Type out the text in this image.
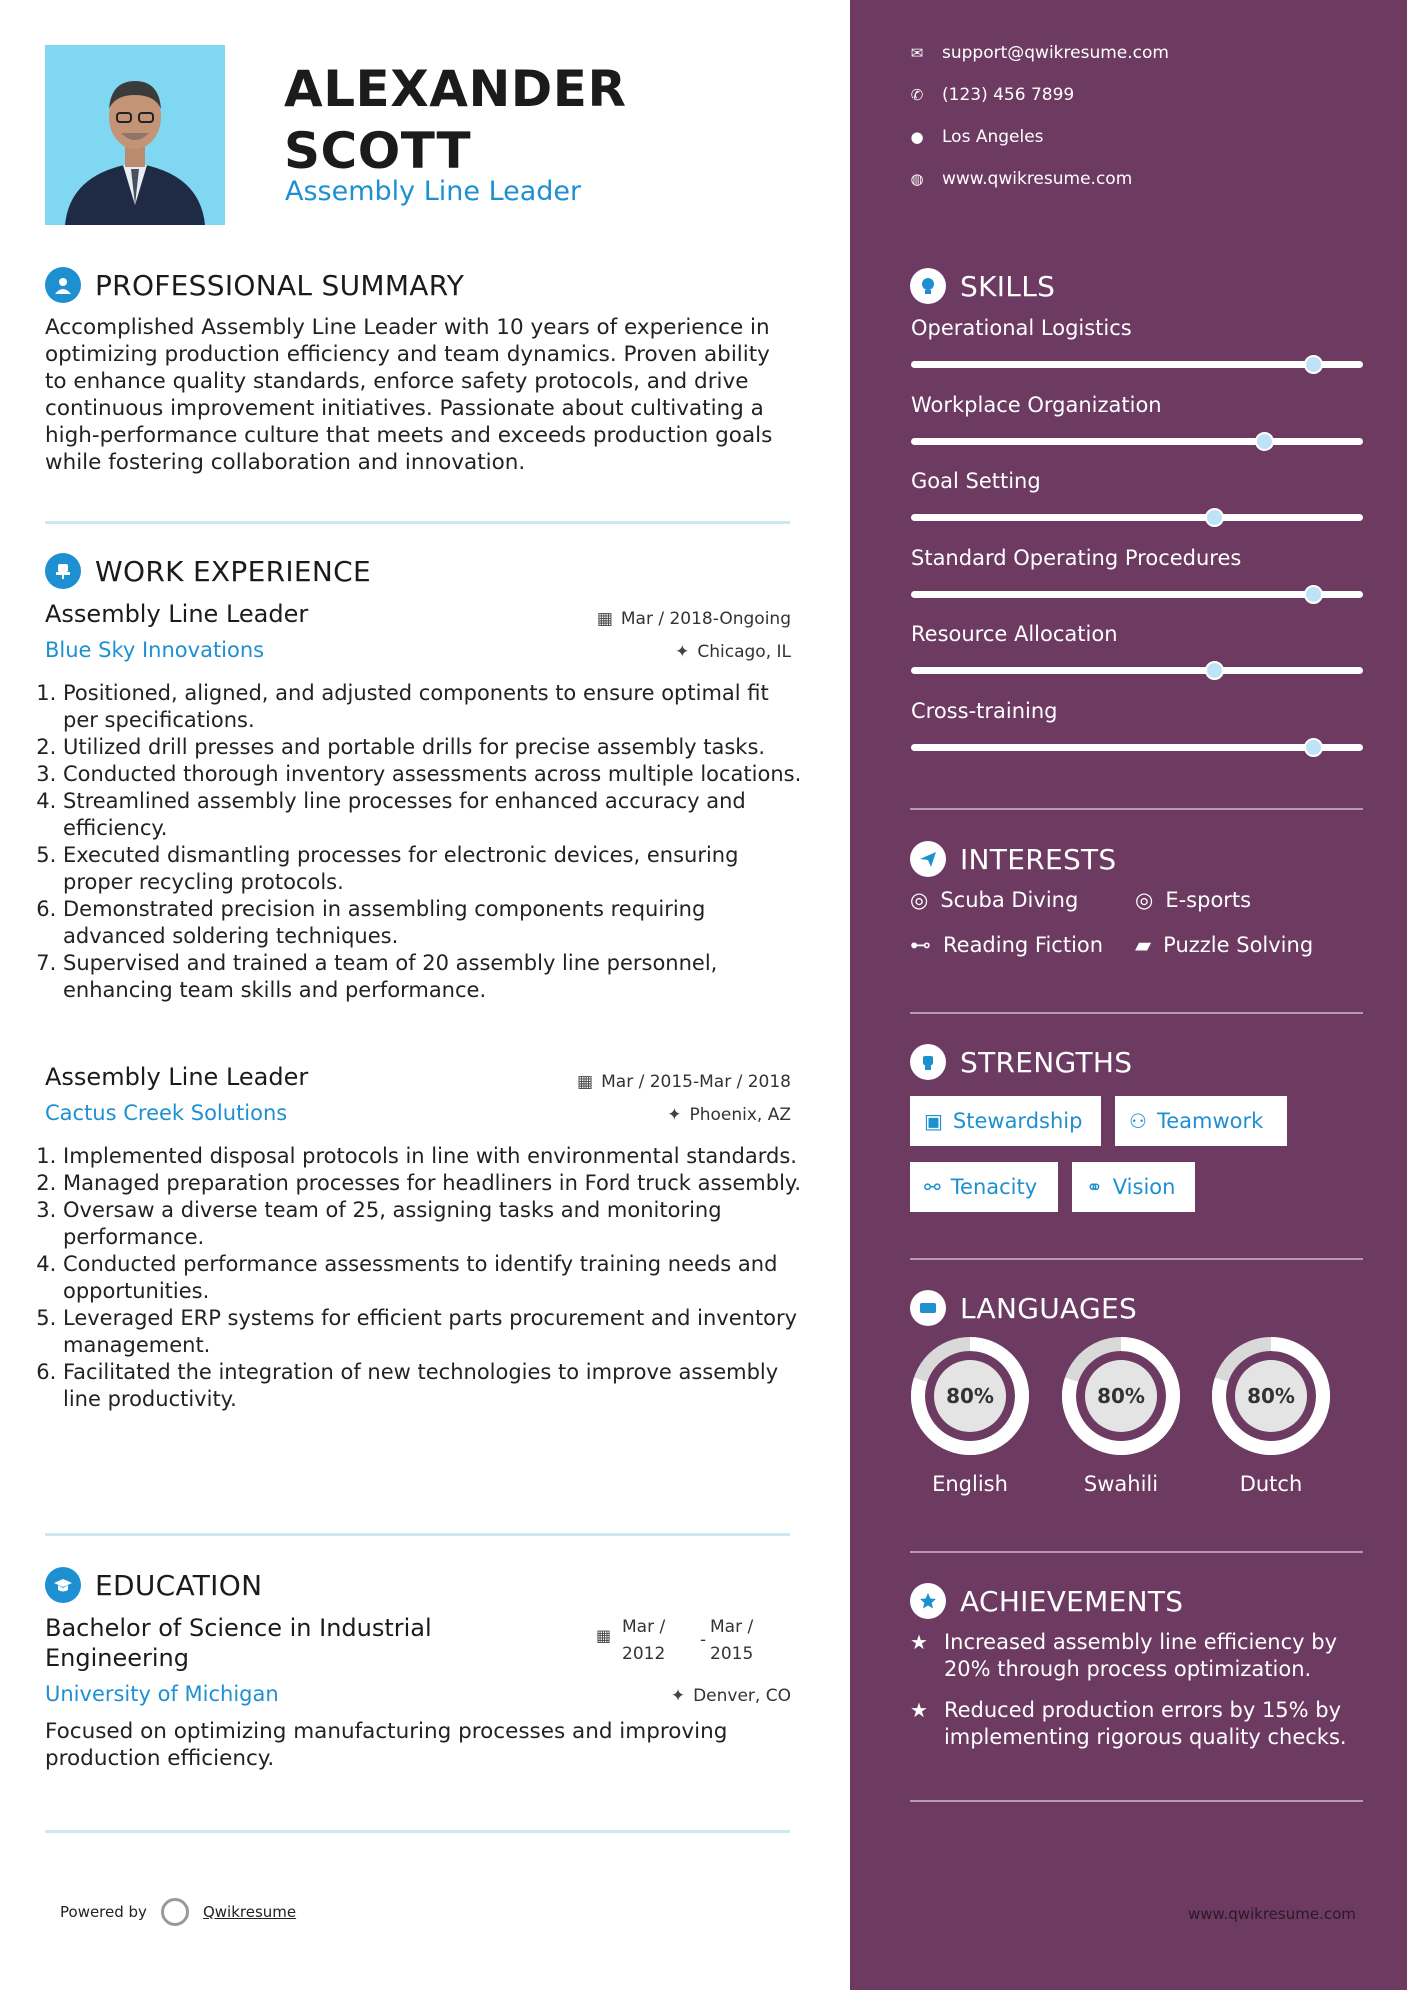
ALEXANDER
SCOTT
Assembly Line Leader
PROFESSIONAL SUMMARY
Accomplished Assembly Line Leader with 10 years of experience in optimizing production efficiency and team dynamics. Proven ability to enhance quality standards, enforce safety protocols, and drive continuous improvement initiatives. Passionate about cultivating a high-performance culture that meets and exceeds production goals while fostering collaboration and innovation.
WORK EXPERIENCE
Assembly Line Leader	▦ Mar / 2018-Ongoing
Blue Sky Innovations	✦ Chicago, IL
1. Positioned, aligned, and adjusted components to ensure optimal fit per specifications.
2. Utilized drill presses and portable drills for precise assembly tasks.
3. Conducted thorough inventory assessments across multiple locations.
4. Streamlined assembly line processes for enhanced accuracy and efficiency.
5. Executed dismantling processes for electronic devices, ensuring proper recycling protocols.
6. Demonstrated precision in assembling components requiring advanced soldering techniques.
7. Supervised and trained a team of 20 assembly line personnel, enhancing team skills and performance.
Assembly Line Leader	▦ Mar / 2015-Mar / 2018
Cactus Creek Solutions	✦ Phoenix, AZ
1. Implemented disposal protocols in line with environmental standards.
2. Managed preparation processes for headliners in Ford truck assembly.
3. Oversaw a diverse team of 25, assigning tasks and monitoring performance.
4. Conducted performance assessments to identify training needs and opportunities.
5. Leveraged ERP systems for efficient parts procurement and inventory management.
6. Facilitated the integration of new technologies to improve assembly line productivity.
EDUCATION
Bachelor of Science in Industrial Engineering
▦ Mar / 2012
-
Mar / 2015
University of Michigan	✦ Denver, CO
Focused on optimizing manufacturing processes and improving production efficiency.
Powered by	Qwikresume
✉ support@qwikresume.com
✆ (123) 456 7899
● Los Angeles
◍ www.qwikresume.com
SKILLS
Operational Logistics
Workplace Organization
Goal Setting
Standard Operating Procedures
Resource Allocation
Cross-training
INTERESTS
◎ Scuba Diving	◎ E-sports
⊷ Reading Fiction ▰ Puzzle Solving
STRENGTHS
▣ Stewardship ⚇ Teamwork
⚯ Tenacity ⚭ Vision
LANGUAGES
80%
English
80%
Swahili
80%
Dutch
ACHIEVEMENTS
★ Increased assembly line efficiency by 20% through process optimization.
★ Reduced production errors by 15% by implementing rigorous quality checks.
www.qwikresume.com
